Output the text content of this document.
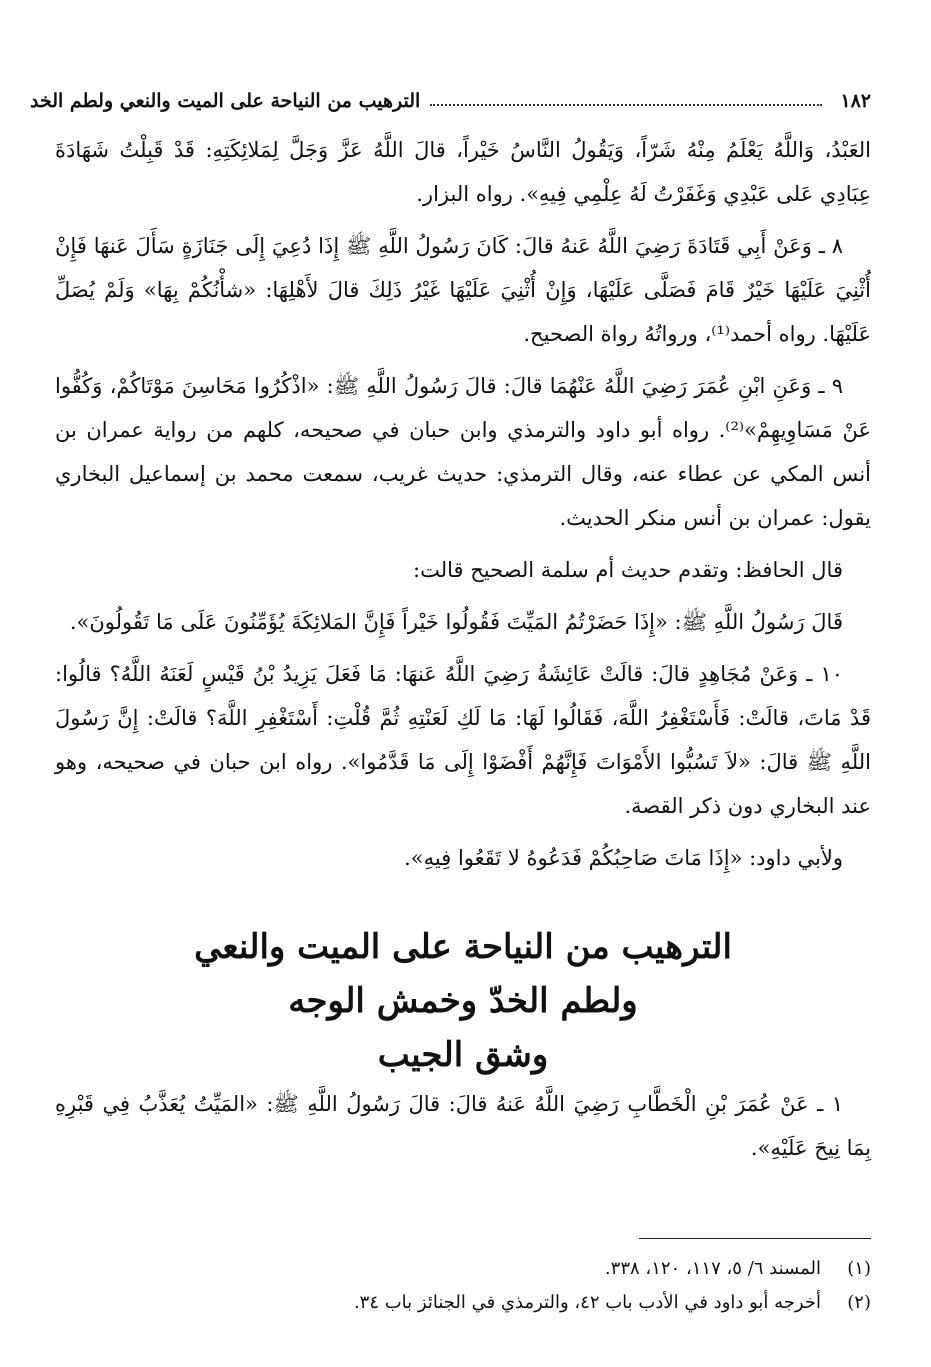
١٨٢
الترهيب من النياحة على الميت والنعي ولطم الخد

العَبْدُ، وَاللَّهُ يَعْلَمُ مِنْهُ شَرّاً، وَيَقُولُ النَّاسُ خَيْراً، قالَ اللَّهُ عَزَّ وَجَلَّ لِمَلائِكَتِهِ: قَدْ قَبِلْتُ شَهَادَةَ عِبَادِي عَلى عَبْدِي وَغَفَرْتُ لَهُ عِلْمِي فِيهِ». رواه البزار.

٨ ـ وَعَنْ أَبِي قَتَادَةَ رَضِيَ اللَّهُ عَنهُ قالَ: كَانَ رَسُولُ اللَّهِ ﷺ إِذَا دُعِيَ إِلَى جَنَازَةٍ سَأَلَ عَنهَا فَإِنْ أُثْنِيَ عَلَيْهَا خَيْرٌ قَامَ فَصَلَّى عَلَيْهَا، وَإِنْ أُثْنِيَ عَلَيْهَا غَيْرُ ذَلِكَ قالَ لأَهْلِهَا: «شأْنُكُمْ بِهَا» وَلَمْ يُصَلِّ عَلَيْهَا. رواه أحمد⁽¹⁾، ورواتُهُ رواة الصحيح.

٩ ـ وَعَنِ ابْنِ عُمَرَ رَضِيَ اللَّهُ عَنْهُمَا قالَ: قالَ رَسُولُ اللَّهِ ﷺ: «اذْكُرُوا مَحَاسِنَ مَوْتَاكُمْ، وَكُفُّوا عَنْ مَسَاوِيهِمْ»⁽²⁾. رواه أبو داود والترمذي وابن حبان في صحيحه، كلهم من رواية عمران بن أنس المكي عن عطاء عنه، وقال الترمذي: حديث غريب، سمعت محمد بن إسماعيل البخاري يقول: عمران بن أنس منكر الحديث.

قال الحافظ: وتقدم حديث أم سلمة الصحيح قالت:

قَالَ رَسُولُ اللَّهِ ﷺ: «إِذَا حَضَرْتُمُ المَيِّتَ فَقُولُوا خَيْراً فَإِنَّ المَلائِكَةَ يُؤَمِّنُونَ عَلَى مَا تَقُولُونَ».

١٠ ـ وَعَنْ مُجَاهِدٍ قالَ: قالَتْ عَائِشَةُ رَضِيَ اللَّهُ عَنهَا: مَا فَعَلَ يَزِيدُ بْنُ قَيْسٍ لَعَنَهُ اللَّهُ؟ قالُوا: قَدْ مَاتَ، قالَتْ: فَأَسْتَغْفِرُ اللَّهَ، فَقَالُوا لَهَا: مَا لَكِ لَعَنْتِهِ ثُمَّ قُلْتِ: أَسْتَغْفِرِ اللَّهَ؟ قالَتْ: إِنَّ رَسُولَ اللَّهِ ﷺ قالَ: «لاَ تَسُبُّوا الأَمْوَاتَ فَإِنَّهُمْ أَفْضَوْا إِلَى مَا قَدَّمُوا». رواه ابن حبان في صحيحه، وهو عند البخاري دون ذكر القصة.

ولأبي داود: «إِذَا مَاتَ صَاحِبُكُمْ فَدَعُوهُ لا تَقَعُوا فِيهِ».

الترهيب من النياحة على الميت والنعي
ولطم الخدّ وخمش الوجه
وشق الجيب
١ ـ عَنْ عُمَرَ بْنِ الْخَطَّابِ رَضِيَ اللَّهُ عَنهُ قالَ: قالَ رَسُولُ اللَّهِ ﷺ: «المَيِّتُ يُعَذَّبُ فِي قَبْرِهِ بِمَا نِيحَ عَلَيْهِ».
(١)
المسند ٦/ ٥، ١١٧، ١٢٠، ٣٣٨.
(٢)
أخرجه أبو داود في الأدب باب ٤٢، والترمذي في الجنائز باب ٣٤.
